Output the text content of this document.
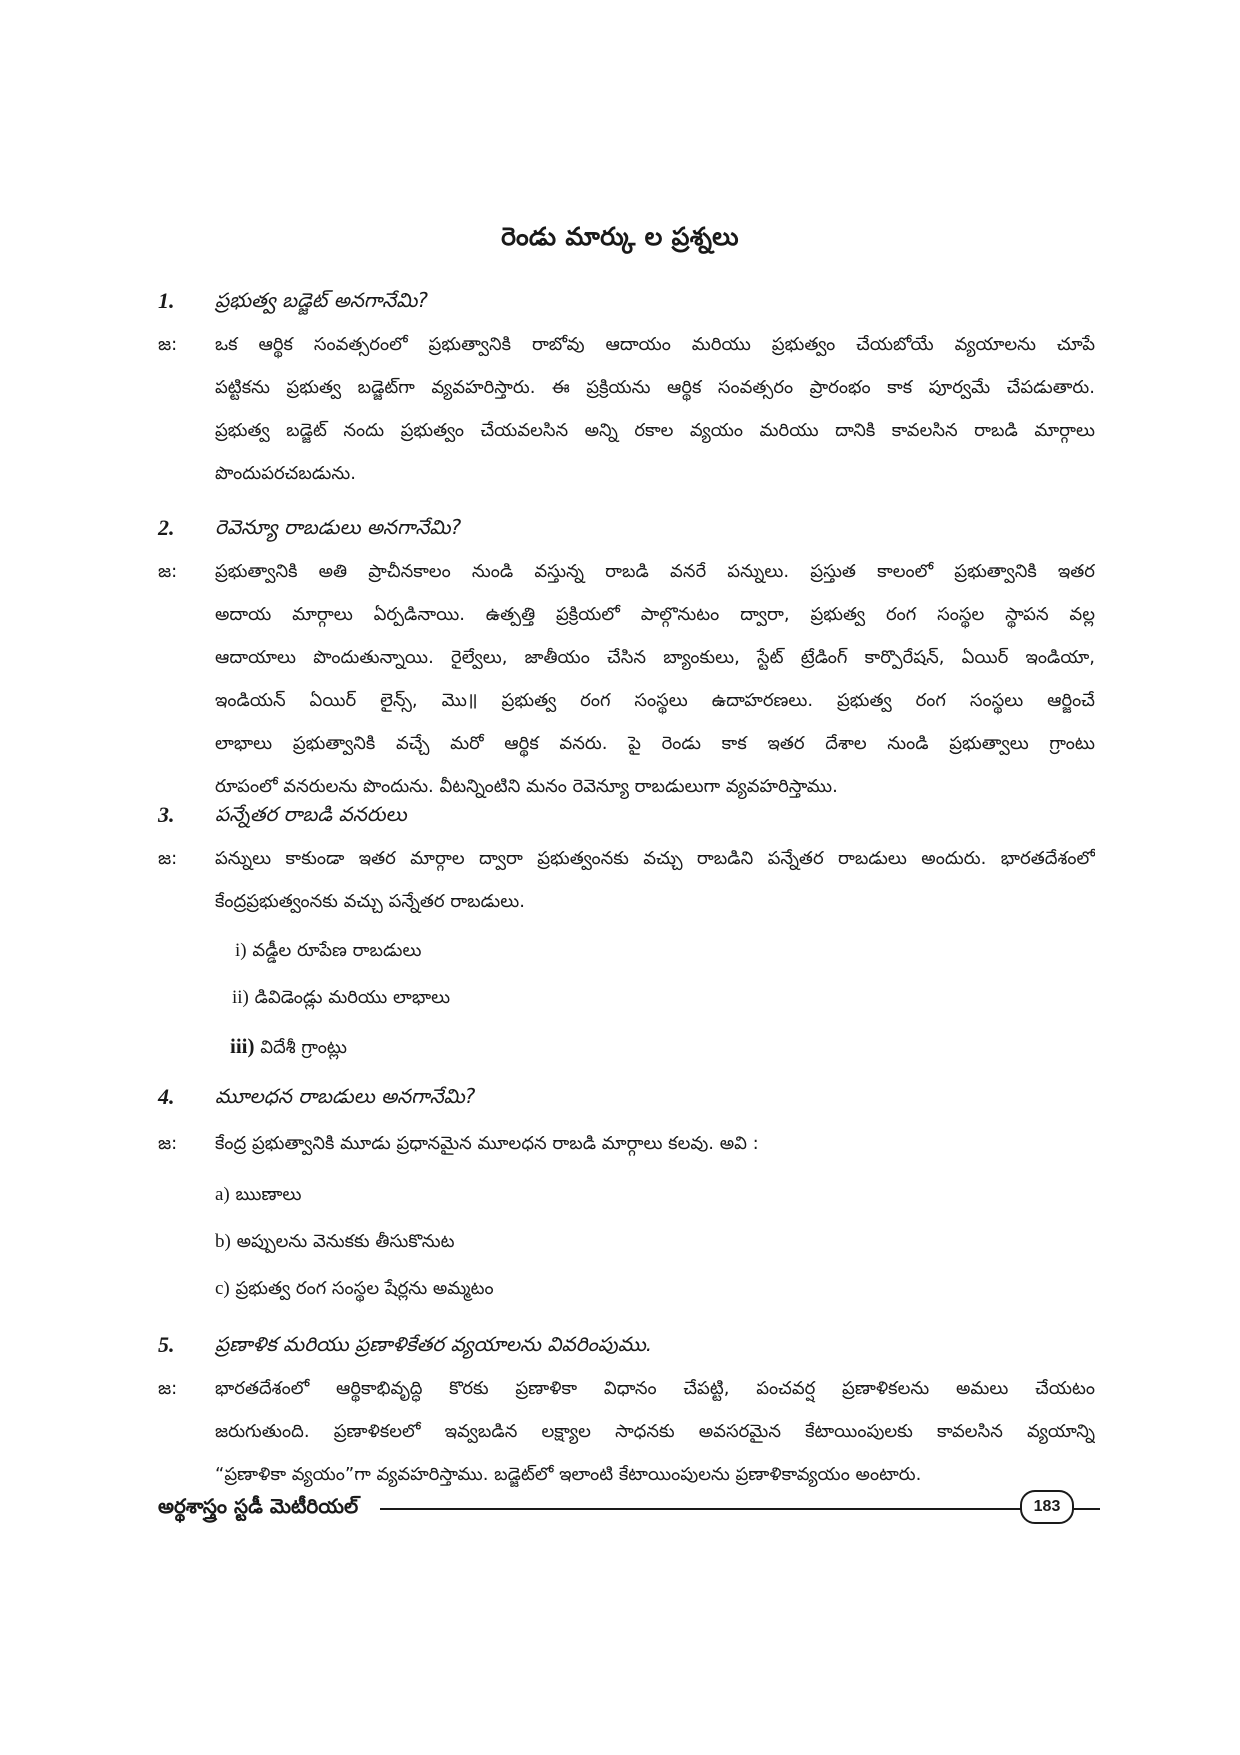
రెండు మార్కు ల ప్రశ్నలు
1. ప్రభుత్వ బడ్జెట్ అనగానేమి?
జ: ఒక ఆర్థిక సంవత్సరంలో ప్రభుత్వానికి రాబోవు ఆదాయం మరియు ప్రభుత్వం చేయబోయే వ్యయాలను చూపే
పట్టికను ప్రభుత్వ బడ్జెట్‌గా వ్యవహరిస్తారు. ఈ ప్రక్రియను ఆర్థిక సంవత్సరం ప్రారంభం కాక పూర్వమే చేపడుతారు.
ప్రభుత్వ బడ్జెట్ నందు ప్రభుత్వం చేయవలసిన అన్ని రకాల వ్యయం మరియు దానికి కావలసిన రాబడి మార్గాలు
పొందుపరచబడును.
2. రెవెన్యూ రాబడులు అనగానేమి?
జ: ప్రభుత్వానికి అతి ప్రాచీనకాలం నుండి వస్తున్న రాబడి వనరే పన్నులు. ప్రస్తుత కాలంలో ప్రభుత్వానికి ఇతర
అదాయ మార్గాలు ఏర్పడినాయి. ఉత్పత్తి ప్రక్రియలో పాల్గొనుటం ద్వారా, ప్రభుత్వ రంగ సంస్థల స్థాపన వల్ల
ఆదాయాలు పొందుతున్నాయి. రైల్వేలు, జాతీయం చేసిన బ్యాంకులు, స్టేట్ ట్రేడింగ్ కార్పొరేషన్, ఏయిర్ ఇండియా,
ఇండియన్ ఏయిర్ లైన్స్, మొ॥ ప్రభుత్వ రంగ సంస్థలు ఉదాహరణలు. ప్రభుత్వ రంగ సంస్థలు ఆర్జించే
లాభాలు ప్రభుత్వానికి వచ్చే మరో ఆర్థిక వనరు. పై రెండు కాక ఇతర దేశాల నుండి ప్రభుత్వాలు గ్రాంటు
రూపంలో వనరులను పొందును. వీటన్నింటిని మనం రెవెన్యూ రాబడులుగా వ్యవహరిస్తాము.
3. పన్నేతర రాబడి వనరులు
జ: పన్నులు కాకుండా ఇతర మార్గాల ద్వారా ప్రభుత్వంనకు వచ్చు రాబడిని పన్నేతర రాబడులు అందురు. భారతదేశంలో
కేంద్రప్రభుత్వంనకు వచ్చు పన్నేతర రాబడులు.
i) వడ్డీల రూపేణ రాబడులు
ii) డివిడెండ్లు మరియు లాభాలు
iii) విదేశీ గ్రాంట్లు
4. మూలధన రాబడులు అనగానేమి?
జ: కేంద్ర ప్రభుత్వానికి మూడు ప్రధానమైన మూలధన రాబడి మార్గాలు కలవు. అవి :
a) ఋణాలు
b) అప్పులను వెనుకకు తీసుకొనుట
c) ప్రభుత్వ రంగ సంస్థల షేర్లను అమ్మటం
5. ప్రణాళిక మరియు ప్రణాళికేతర వ్యయాలను వివరింపుము.
జ: భారతదేశంలో ఆర్థికాభివృద్ధి కొరకు ప్రణాళికా విధానం చేపట్టి, పంచవర్ష ప్రణాళికలను అమలు చేయటం
జరుగుతుంది. ప్రణాళికలలో ఇవ్వబడిన లక్ష్యాల సాధనకు అవసరమైన కేటాయింపులకు కావలసిన వ్యయాన్ని
“ప్రణాళికా వ్యయం”గా వ్యవహరిస్తాము. బడ్జెట్‌లో ఇలాంటి కేటాయింపులను ప్రణాళికావ్యయం అంటారు.
అర్థశాస్త్రం స్టడీ మెటీరియల్	183
